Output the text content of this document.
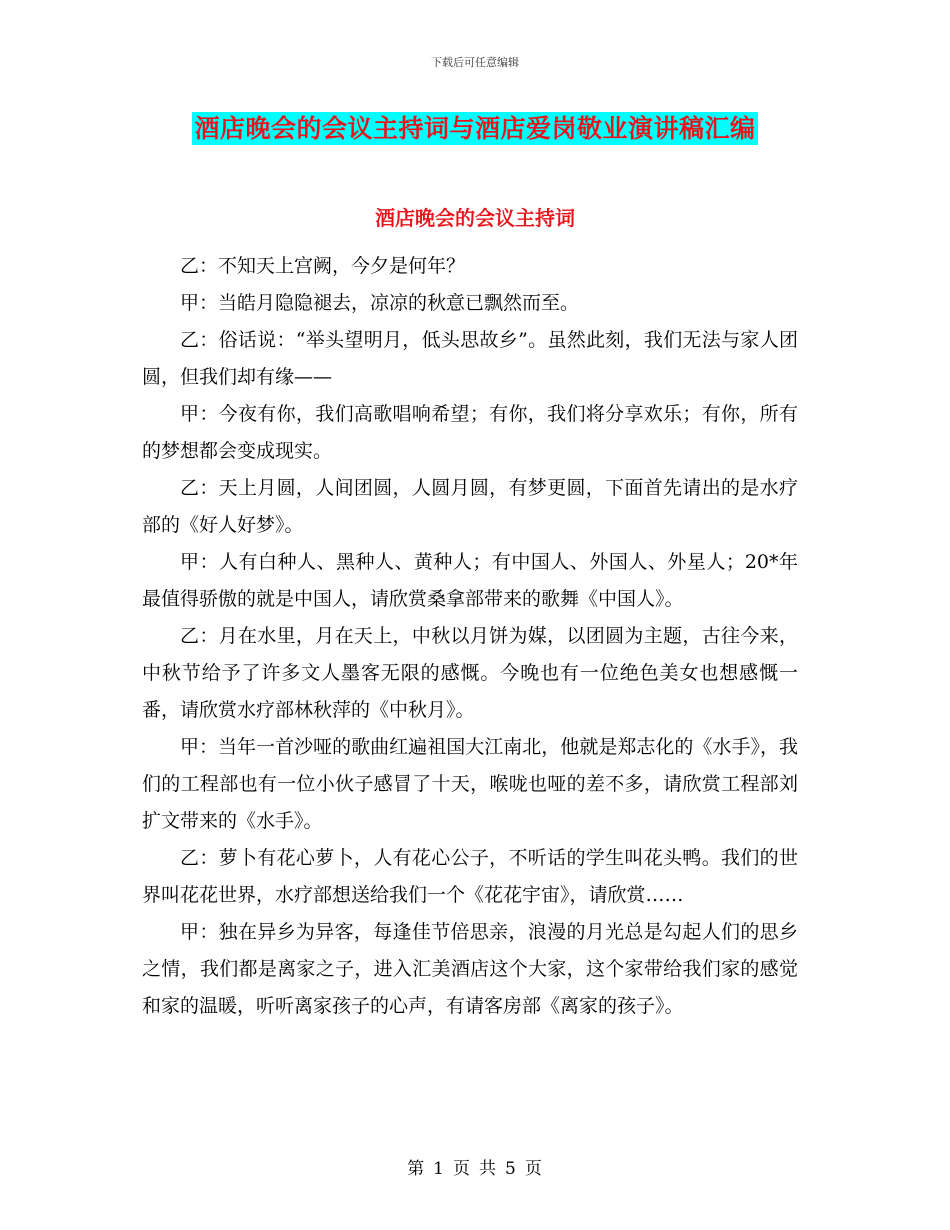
下载后可任意编辑
酒店晚会的会议主持词与酒店爱岗敬业演讲稿汇编
酒店晚会的会议主持词

乙：不知天上宫阙，今夕是何年？

甲：当皓月隐隐褪去，凉凉的秋意已飘然而至。

乙：俗话说：“举头望明月，低头思故乡”。虽然此刻，我们无法与家人团圆，但我们却有缘——

甲：今夜有你，我们高歌唱响希望；有你，我们将分享欢乐；有你，所有的梦想都会变成现实。

乙：天上月圆，人间团圆，人圆月圆，有梦更圆，下面首先请出的是水疗部的《好人好梦》。

甲：人有白种人、黑种人、黄种人；有中国人、外国人、外星人；20*年最值得骄傲的就是中国人，请欣赏桑拿部带来的歌舞《中国人》。

乙：月在水里，月在天上，中秋以月饼为媒，以团圆为主题，古往今来，中秋节给予了许多文人墨客无限的感慨。今晚也有一位绝色美女也想感慨一番，请欣赏水疗部林秋萍的《中秋月》。

甲：当年一首沙哑的歌曲红遍祖国大江南北，他就是郑志化的《水手》，我们的工程部也有一位小伙子感冒了十天，喉咙也哑的差不多，请欣赏工程部刘扩文带来的《水手》。

乙：萝卜有花心萝卜，人有花心公子，不听话的学生叫花头鸭。我们的世界叫花花世界，水疗部想送给我们一个《花花宇宙》，请欣赏……

甲：独在异乡为异客，每逢佳节倍思亲，浪漫的月光总是勾起人们的思乡之情，我们都是离家之子，进入汇美酒店这个大家，这个家带给我们家的感觉和家的温暖，听听离家孩子的心声，有请客房部《离家的孩子》。

第 1 页 共 5 页
